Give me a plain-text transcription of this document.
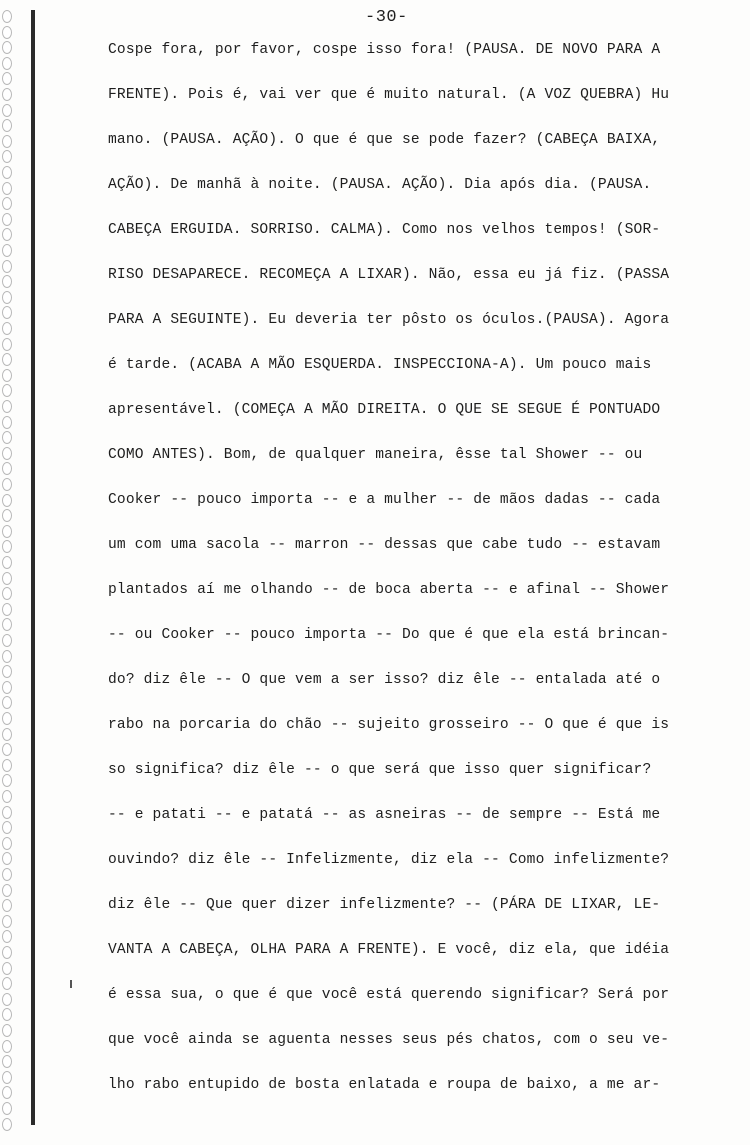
-30-
Cospe fora, por favor, cospe isso fora! (PAUSA. DE NOVO PARA A
FRENTE). Pois é, vai ver que é muito natural. (A VOZ QUEBRA) Hu
mano. (PAUSA. AÇÃO). O que é que se pode fazer? (CABEÇA BAIXA,
AÇÃO). De manhã à noite. (PAUSA. AÇÃO). Dia após dia. (PAUSA.
CABEÇA ERGUIDA. SORRISO. CALMA). Como nos velhos tempos! (SOR-
RISO DESAPARECE. RECOMEÇA A LIXAR). Não, essa eu já fiz. (PASSA
PARA A SEGUINTE). Eu deveria ter pôsto os óculos.(PAUSA). Agora
é tarde. (ACABA A MÃO ESQUERDA. INSPECCIONA-A). Um pouco mais
apresentável. (COMEÇA A MÃO DIREITA. O QUE SE SEGUE É PONTUADO
COMO ANTES). Bom, de qualquer maneira, êsse tal Shower -- ou
Cooker -- pouco importa -- e a mulher -- de mãos dadas -- cada
um com uma sacola -- marron -- dessas que cabe tudo -- estavam
plantados aí me olhando -- de boca aberta -- e afinal -- Shower
-- ou Cooker -- pouco importa -- Do que é que ela está brincan-
do? diz êle -- O que vem a ser isso? diz êle -- entalada até o
rabo na porcaria do chão -- sujeito grosseiro -- O que é que is
so significa? diz êle -- o que será que isso quer significar?
-- e patati -- e patatá -- as asneiras -- de sempre -- Está me
ouvindo? diz êle -- Infelizmente, diz ela -- Como infelizmente?
diz êle -- Que quer dizer infelizmente? -- (PÁRA DE LIXAR, LE-
VANTA A CABEÇA, OLHA PARA A FRENTE). E você, diz ela, que idéia
é essa sua, o que é que você está querendo significar? Será por
que você ainda se aguenta nesses seus pés chatos, com o seu ve-
lho rabo entupido de bosta enlatada e roupa de baixo, a me ar-
